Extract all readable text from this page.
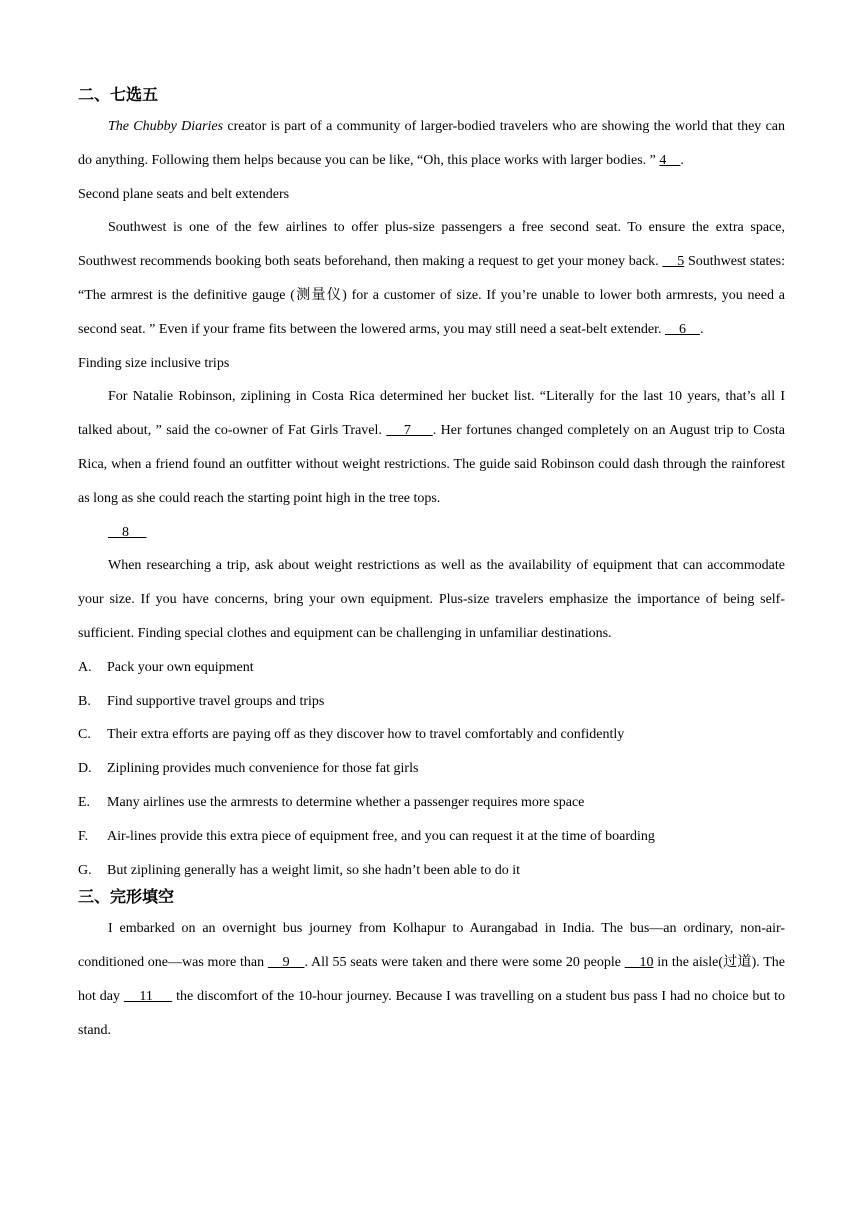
二、七选五

The Chubby Diaries creator is part of a community of larger-bodied travelers who are showing the world that they can do anything. Following them helps because you can be like, “Oh, this place works with larger bodies. ” 4    .

Second plane seats and belt extenders

Southwest is one of the few airlines to offer plus-size passengers a free second seat. To ensure the extra space, Southwest recommends booking both seats beforehand, then making a request to get your money back.     5 Southwest states: “The armrest is the definitive gauge (测量仪) for a customer of size. If you’re unable to lower both armrests, you need a second seat. ” Even if your frame fits between the lowered arms, you may still need a seat-belt extender.     6    .

Finding size inclusive trips

For Natalie Robinson, ziplining in Costa Rica determined her bucket list. “Literally for the last 10 years, that’s all I talked about, ” said the co-owner of Fat Girls Travel.     7     . Her fortunes changed completely on an August trip to Costa Rica, when a friend found an outfitter without weight restrictions. The guide said Robinson could dash through the rainforest as long as she could reach the starting point high in the tree tops.

8

When researching a trip, ask about weight restrictions as well as the availability of equipment that can accommodate your size. If you have concerns, bring your own equipment. Plus-size travelers emphasize the importance of being self-sufficient. Finding special clothes and equipment can be challenging in unfamiliar destinations.

A. Pack your own equipment
B. Find supportive travel groups and trips
C. Their extra efforts are paying off as they discover how to travel comfortably and confidently
D. Ziplining provides much convenience for those fat girls
E. Many airlines use the armrests to determine whether a passenger requires more space
F. Air-lines provide this extra piece of equipment free, and you can request it at the time of boarding
G. But ziplining generally has a weight limit, so she hadn’t been able to do it
三、完形填空

I embarked on an overnight bus journey from Kolhapur to Aurangabad in India. The bus—an ordinary, non-air-conditioned one—was more than     9    . All 55 seats were taken and there were some 20 people     10 in the aisle(过道). The hot day     11      the discomfort of the 10-hour journey. Because I was travelling on a student bus pass I had no choice but to stand.
